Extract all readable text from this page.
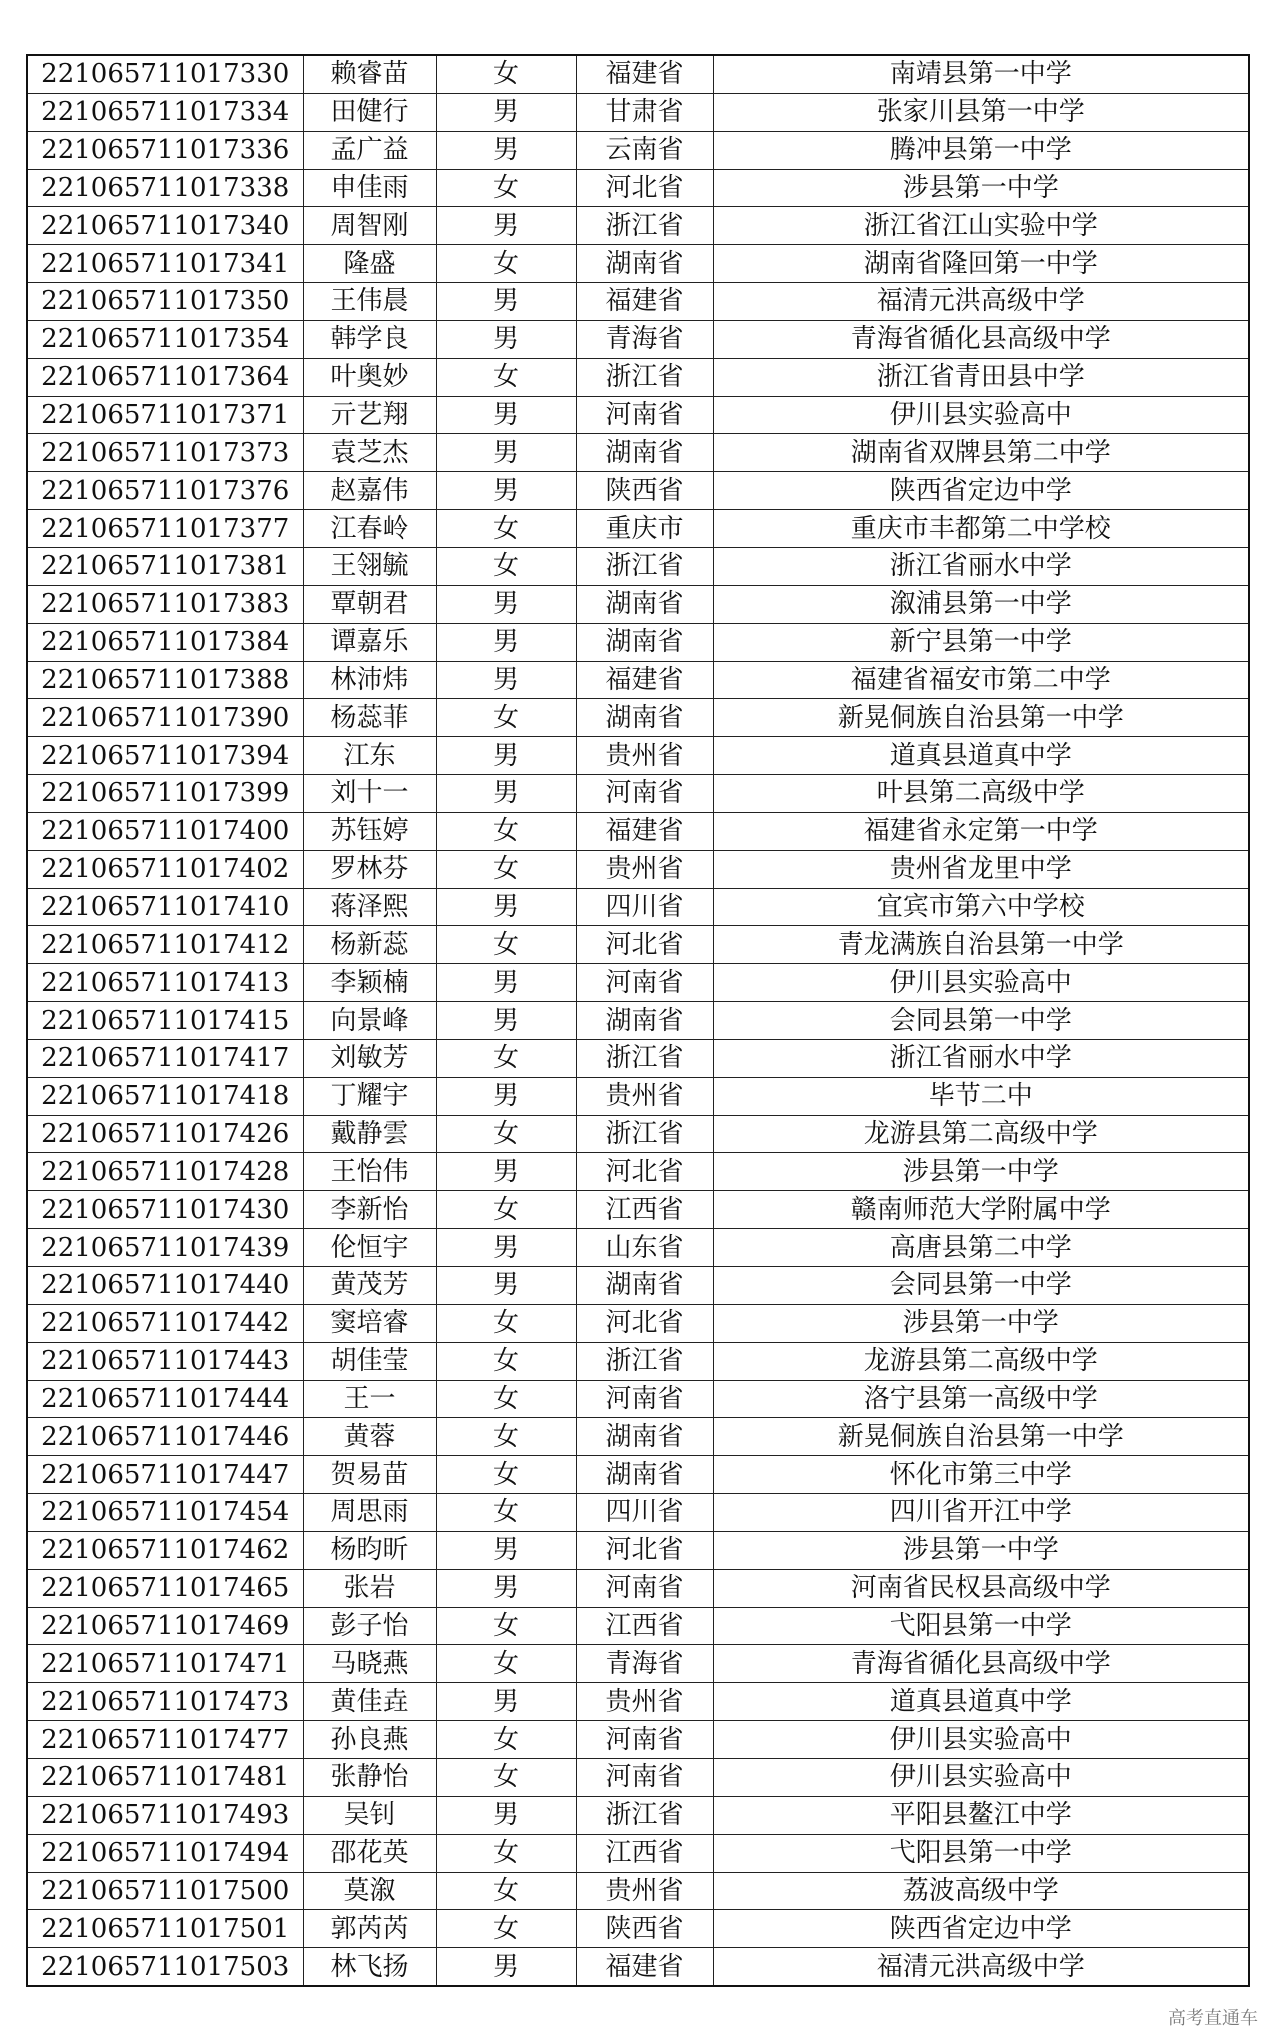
221065711017330	赖睿苗	女	福建省	南靖县第一中学
221065711017334	田健行	男	甘肃省	张家川县第一中学
221065711017336	孟广益	男	云南省	腾冲县第一中学
221065711017338	申佳雨	女	河北省	涉县第一中学
221065711017340	周智刚	男	浙江省	浙江省江山实验中学
221065711017341	隆盛	女	湖南省	湖南省隆回第一中学
221065711017350	王伟晨	男	福建省	福清元洪高级中学
221065711017354	韩学良	男	青海省	青海省循化县高级中学
221065711017364	叶奥妙	女	浙江省	浙江省青田县中学
221065711017371	亓艺翔	男	河南省	伊川县实验高中
221065711017373	袁芝杰	男	湖南省	湖南省双牌县第二中学
221065711017376	赵嘉伟	男	陕西省	陕西省定边中学
221065711017377	江春岭	女	重庆市	重庆市丰都第二中学校
221065711017381	王翎毓	女	浙江省	浙江省丽水中学
221065711017383	覃朝君	男	湖南省	溆浦县第一中学
221065711017384	谭嘉乐	男	湖南省	新宁县第一中学
221065711017388	林沛炜	男	福建省	福建省福安市第二中学
221065711017390	杨蕊菲	女	湖南省	新晃侗族自治县第一中学
221065711017394	江东	男	贵州省	道真县道真中学
221065711017399	刘十一	男	河南省	叶县第二高级中学
221065711017400	苏钰婷	女	福建省	福建省永定第一中学
221065711017402	罗林芬	女	贵州省	贵州省龙里中学
221065711017410	蒋泽熙	男	四川省	宜宾市第六中学校
221065711017412	杨新蕊	女	河北省	青龙满族自治县第一中学
221065711017413	李颖楠	男	河南省	伊川县实验高中
221065711017415	向景峰	男	湖南省	会同县第一中学
221065711017417	刘敏芳	女	浙江省	浙江省丽水中学
221065711017418	丁耀宇	男	贵州省	毕节二中
221065711017426	戴静雲	女	浙江省	龙游县第二高级中学
221065711017428	王怡伟	男	河北省	涉县第一中学
221065711017430	李新怡	女	江西省	赣南师范大学附属中学
221065711017439	伦恒宇	男	山东省	高唐县第二中学
221065711017440	黄茂芳	男	湖南省	会同县第一中学
221065711017442	窦培睿	女	河北省	涉县第一中学
221065711017443	胡佳莹	女	浙江省	龙游县第二高级中学
221065711017444	王一	女	河南省	洛宁县第一高级中学
221065711017446	黄蓉	女	湖南省	新晃侗族自治县第一中学
221065711017447	贺易苗	女	湖南省	怀化市第三中学
221065711017454	周思雨	女	四川省	四川省开江中学
221065711017462	杨昀昕	男	河北省	涉县第一中学
221065711017465	张岩	男	河南省	河南省民权县高级中学
221065711017469	彭子怡	女	江西省	弋阳县第一中学
221065711017471	马晓燕	女	青海省	青海省循化县高级中学
221065711017473	黄佳垚	男	贵州省	道真县道真中学
221065711017477	孙良燕	女	河南省	伊川县实验高中
221065711017481	张静怡	女	河南省	伊川县实验高中
221065711017493	吴钊	男	浙江省	平阳县鳌江中学
221065711017494	邵花英	女	江西省	弋阳县第一中学
221065711017500	莫溆	女	贵州省	荔波高级中学
221065711017501	郭芮芮	女	陕西省	陕西省定边中学
221065711017503	林飞扬	男	福建省	福清元洪高级中学
高考直通车
